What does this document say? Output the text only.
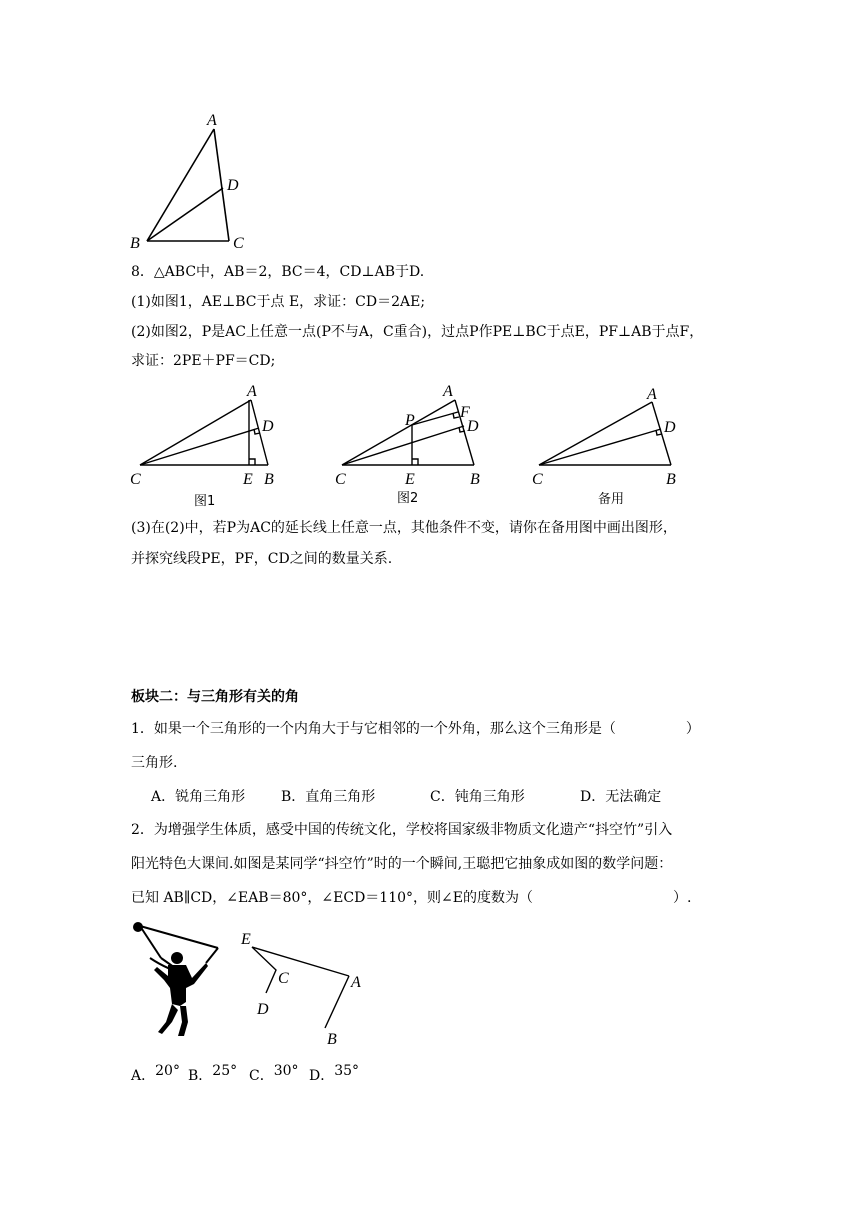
A
D
B	C
8．△ABC中，AB＝2，BC＝4，CD⊥AB于D.
(1)如图1，AE⊥BC于点 E，求证：CD＝2AE;
(2)如图2，P是AC上任意一点(P不与A，C重合)，过点P作PE⊥BC于点E，PF⊥AB于点F，
求证：2PE＋PF＝CD;
A
D
C	E B
图1
A
F
P	D
C	E	B
图2
A
D
C	B
备用
(3)在(2)中，若P为AC的延长线上任意一点，其他条件不变，请你在备用图中画出图形，
并探究线段PE，PF，CD之间的数量关系.
板块二：与三角形有关的角
1．如果一个三角形的一个内角大于与它相邻的一个外角，那么这个三角形是（　　　　　）
三角形.
A．锐角三角形	B．直角三角形	C．钝角三角形	D．无法确定
2．为增强学生体质，感受中国的传统文化，学校将国家级非物质文化遗产“抖空竹”引入
阳光特色大课间.如图是某同学“抖空竹”时的一个瞬间,王聪把它抽象成如图的数学问题：
已知 AB∥CD，∠EAB＝80°，∠ECD＝110°，则∠E的度数为（　　　　　　　　　　）.
E
C
D
A
B
A．20° B．25° C．30° D．35°
